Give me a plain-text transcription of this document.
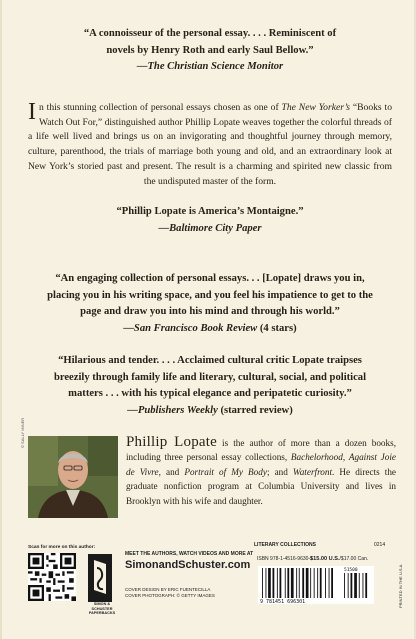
“A connoisseur of the personal essay. . . . Reminiscent of
novels by Henry Roth and early Saul Bellow.”
—The Christian Science Monitor
In this stunning collection of personal essays chosen as one of The New Yorker’s “Books to Watch Out For,” distinguished author Phillip Lopate weaves together the colorful threads of a life well lived and brings us on an invigorating and thoughtful journey through memory, culture, parenthood, the trials of marriage both young and old, and an extraordinary look at New York’s storied past and present. The result is a charming and spirited new classic from the undisputed master of the form.
“Phillip Lopate is America’s Montaigne.”
—Baltimore City Paper
“An engaging collection of personal essays. . . [Lopate] draws you in,
placing you in his writing space, and you feel his impatience to get to the
page and draw you into his mind and through his world.”
—San Francisco Book Review (4 stars)
“Hilarious and tender. . . . Acclaimed cultural critic Lopate traipses
breezily through family life and literary, cultural, social, and political
matters . . . with his typical elegance and peripatetic curiosity.”
—Publishers Weekly (starred review)
© SALLY MINER	Phillip Lopate is the author of more than a dozen books, including three personal essay collections, Bachelorhood, Against Joie de Vivre, and Portrait of My Body; and Waterfront. He directs the graduate nonfiction program at Columbia University and lives in Brooklyn with his wife and daughter.
Scan for more on this author:
SIMON & SCHUSTER PAPERBACKS
MEET THE AUTHORS, WATCH VIDEOS AND MORE AT
SimonandSchuster.com
COVER DESIGN BY ERIC FUENTECILLA
COVER PHOTOGRAPH: © GETTY IMAGES
LITERARY COLLECTIONS	0214
ISBN 978-1-4516-9630-1
$15.00 U.S./$17.00 Can.
9 781451 696301
51500	PRINTED IN THE U.S.A.
